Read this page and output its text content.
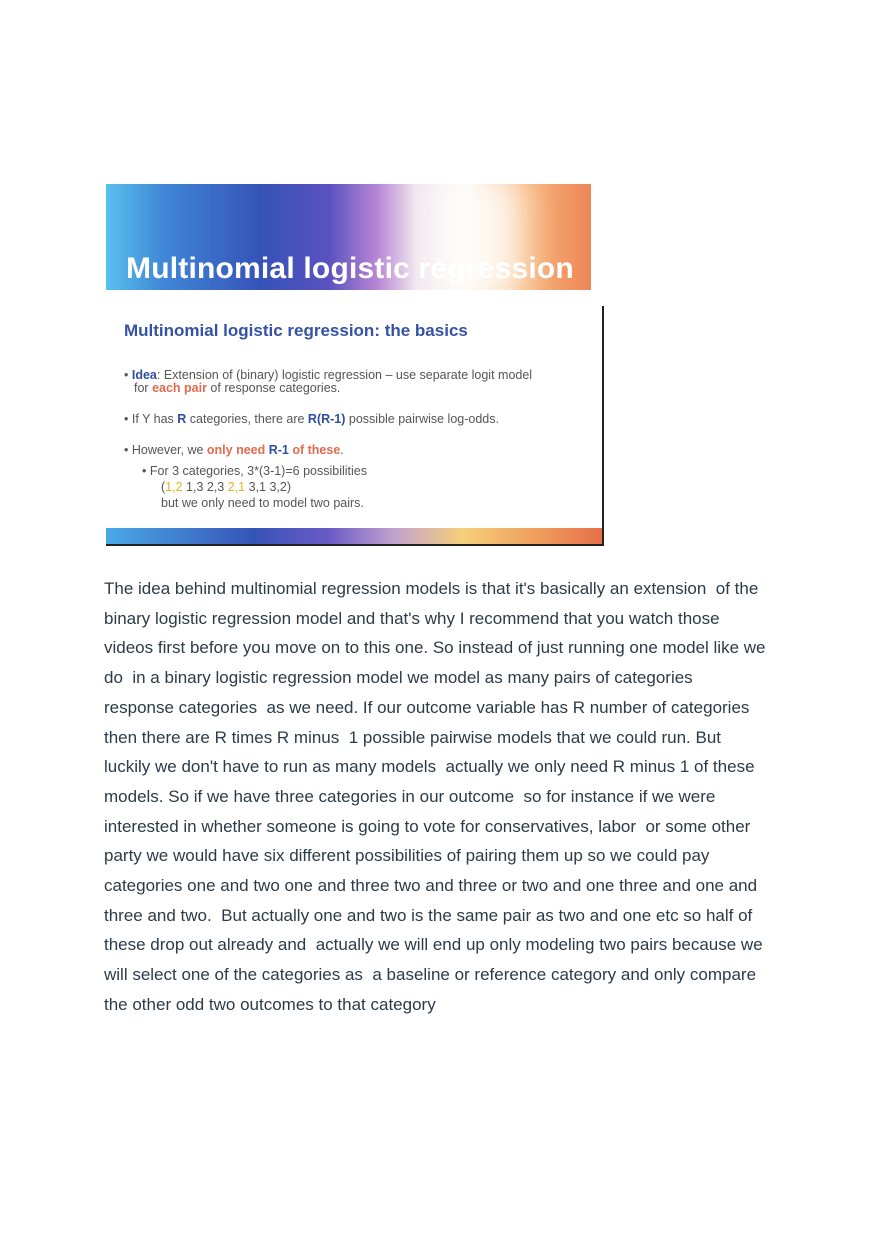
Multinomial logistic regression
Multinomial logistic regression: the basics
• Idea: Extension of (binary) logistic regression – use separate logit model
for each pair of response categories.
• If Y has R categories, there are R(R-1) possible pairwise log-odds.
• However, we only need R-1 of these.
• For 3 categories, 3*(3-1)=6 possibilities
(1,2 1,3 2,3 2,1 3,1 3,2)
but we only need to model two pairs.
The idea behind multinomial regression models is that it's basically an extension  of the
binary logistic regression model and that's why I recommend that you watch those
videos first before you move on to this one. So instead of just running one model like we
do  in a binary logistic regression model we model as many pairs of categories
response categories  as we need. If our outcome variable has R number of categories
then there are R times R minus  1 possible pairwise models that we could run. But
luckily we don't have to run as many models  actually we only need R minus 1 of these
models. So if we have three categories in our outcome  so for instance if we were
interested in whether someone is going to vote for conservatives, labor  or some other
party we would have six different possibilities of pairing them up so we could pay
categories one and two one and three two and three or two and one three and one and
three and two.  But actually one and two is the same pair as two and one etc so half of
these drop out already and  actually we will end up only modeling two pairs because we
will select one of the categories as  a baseline or reference category and only compare
the other odd two outcomes to that category
